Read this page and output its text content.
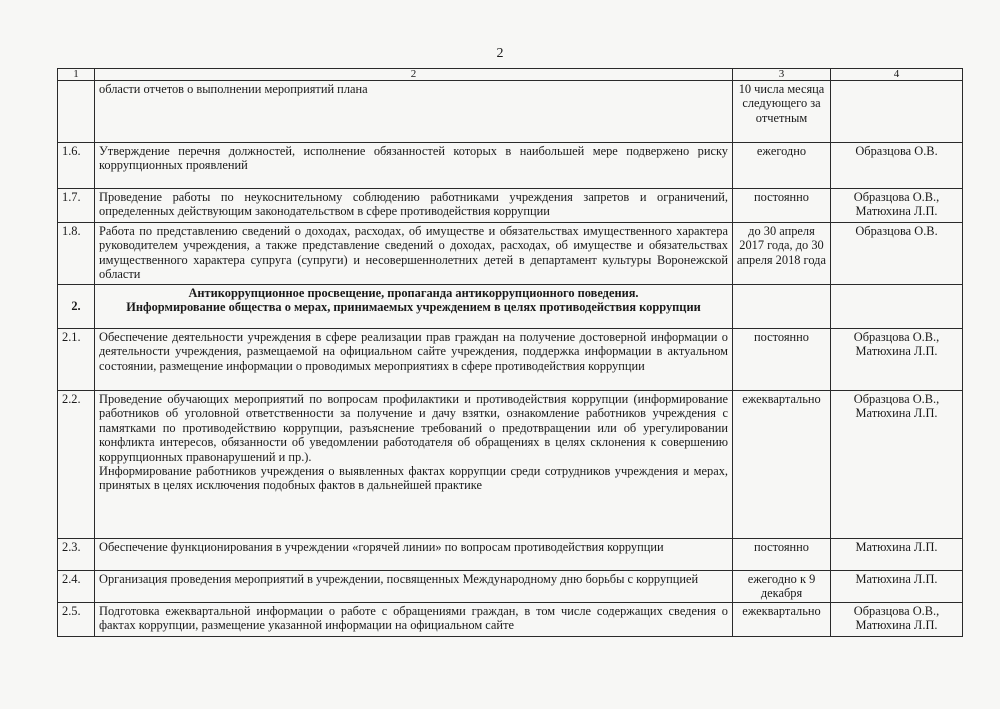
2
1	2	3	4

	области отчетов о выполнении мероприятий плана	10 числа месяца следующего за отчетным	
1.6.	Утверждение перечня должностей, исполнение обязанностей которых в наибольшей мере подвержено риску коррупционных проявлений	ежегодно	Образцова О.В.
1.7.	Проведение работы по неукоснительному соблюдению работниками учреждения запретов и ограничений, определенных действующим законодательством в сфере противодействия коррупции	постоянно	Образцова О.В., Матюхина Л.П.
1.8.	Работа по представлению сведений о доходах, расходах, об имуществе и обязательствах имущественного характера руководителем учреждения, а также представление сведений о доходах, расходах, об имуществе и обязательствах имущественного характера супруга (супруги) и несовершеннолетних детей в департамент культуры Воронежской области	до 30 апреля 2017 года, до 30 апреля 2018 года	Образцова О.В.
2.	Антикоррупционное просвещение, пропаганда антикоррупционного поведения.
Информирование общества о мерах, принимаемых учреждением в целях противодействия коррупции		

2.1.	Обеспечение деятельности учреждения в сфере реализации прав граждан на получение достоверной информации о деятельности учреждения, размещаемой на официальном сайте учреждения, поддержка информации в актуальном состоянии, размещение информации о проводимых мероприятиях в сфере противодействия коррупции	постоянно	Образцова О.В., Матюхина Л.П.
2.2.	Проведение обучающих мероприятий по вопросам профилактики и противодействия коррупции (информирование работников об уголовной ответственности за получение и дачу взятки, ознакомление работников учреждения с памятками по противодействию коррупции, разъяснение требований о предотвращении или об урегулировании конфликта интересов, обязанности об уведомлении работодателя об обращениях в целях склонения к совершению коррупционных правонарушений и пр.).
Информирование работников учреждения о выявленных фактах коррупции среди сотрудников учреждения и мерах, принятых в целях исключения подобных фактов в дальнейшей практике	ежеквартально	Образцова О.В., Матюхина Л.П.
2.3.	Обеспечение функционирования в учреждении «горячей линии» по вопросам противодействия коррупции	постоянно	Матюхина Л.П.
2.4.	Организация проведения мероприятий в учреждении, посвященных Международному дню борьбы с коррупцией	ежегодно к 9 декабря	Матюхина Л.П.
2.5.	Подготовка ежеквартальной информации о работе с обращениями граждан, в том числе содержащих сведения о фактах коррупции, размещение указанной информации на официальном сайте	ежеквартально	Образцова О.В., Матюхина Л.П.
